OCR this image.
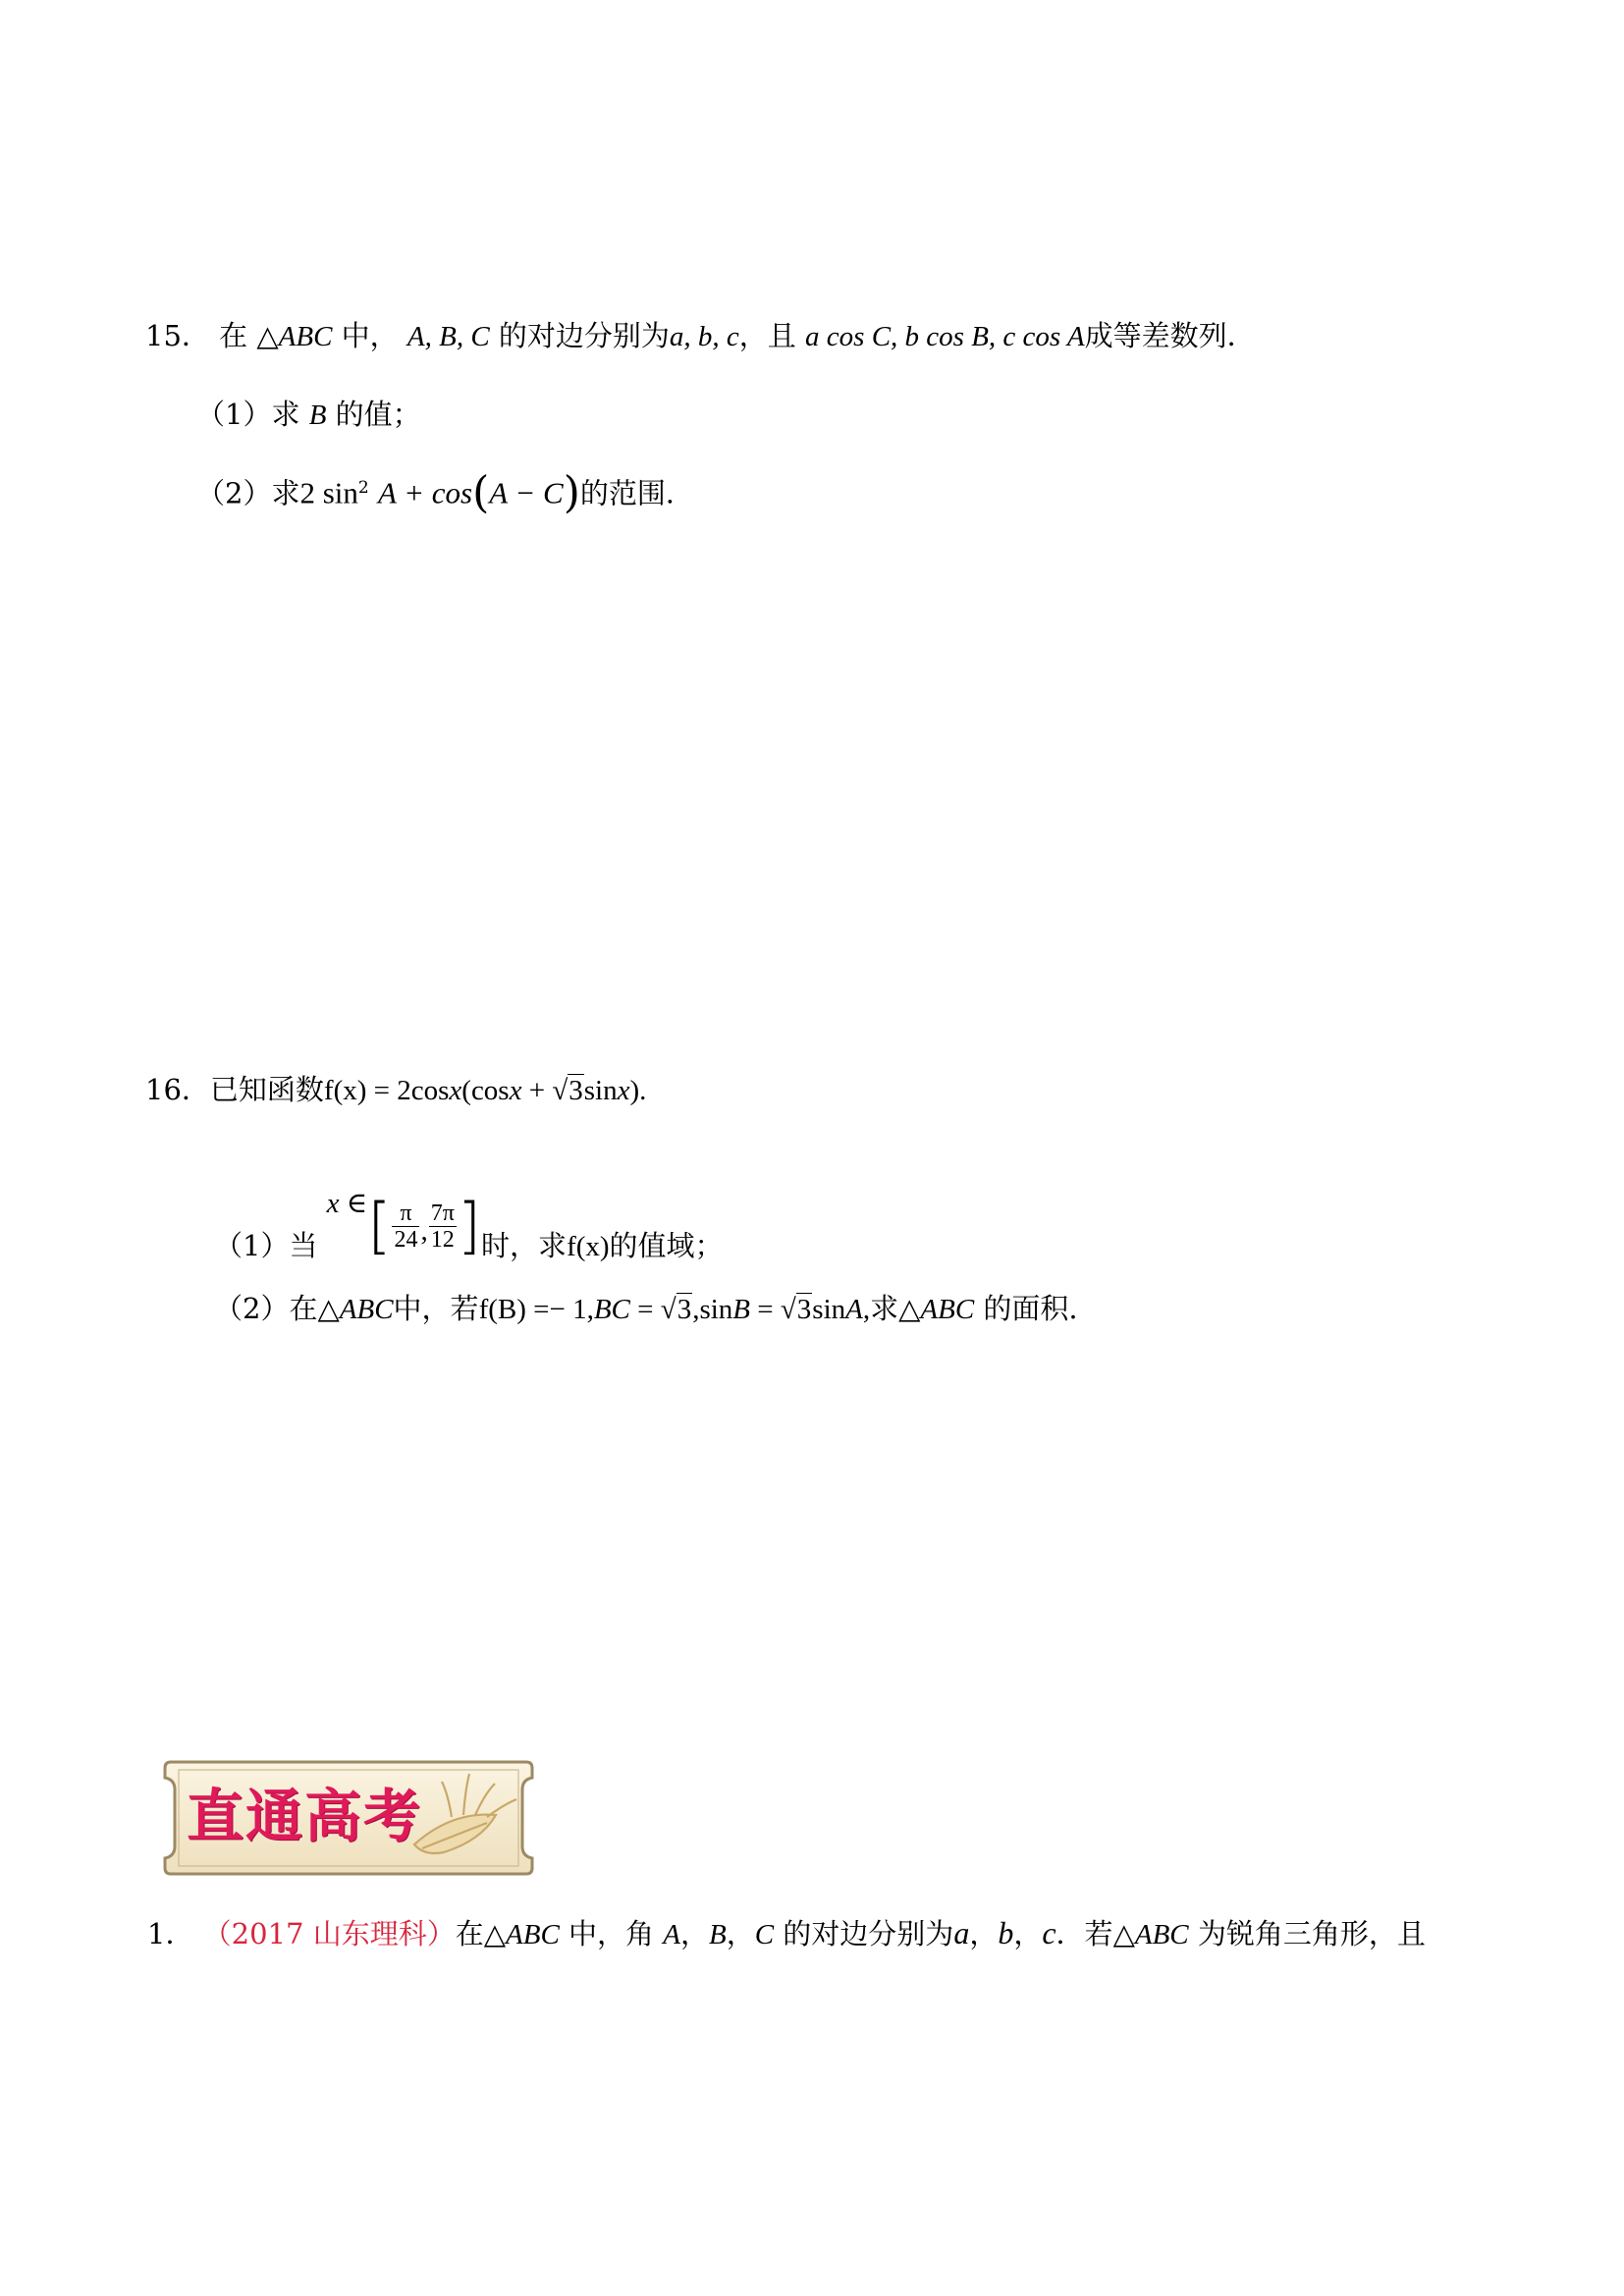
15． 在 △ABC 中， A, B, C 的对边分别为a, b, c，且 a cos C, b cos B, c cos A成等差数列．
（1）求 B 的值；
（2）求2 $\sin^2 A + \cos(A - C)$的范围．
16．已知函数f(x) = 2cosx(cosx + √3sinx).
（1）当 x ∈[ $\frac{\pi}{24}$ , $\frac{7\pi}{12}$ ]时，求f(x)的值域；
（2）在△ABC中，若f(B) =− 1,BC = √3,sinB = √3sinA,求△ABC 的面积.
直通高考
1． （2017 山东理科）在△ABC 中，角 A，B，C 的对边分别为a，b，c．若△ABC 为锐角三角形，且
